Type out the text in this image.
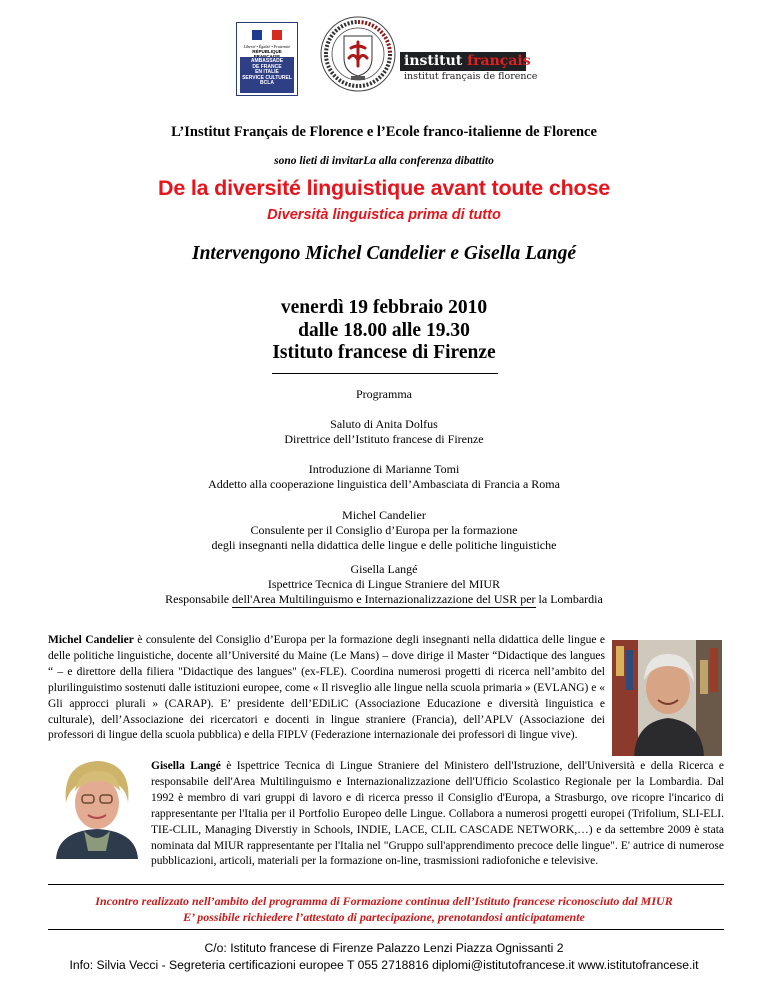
Liberté • Égalité • Fraternité
RÉPUBLIQUE
AMBASSADE
DE FRANCE
EN ITALIE
SERVICE CULTUREL
BCLA
institut français
institut français de florence
L’Institut Français de Florence e l’Ecole franco-italienne de Florence
sono lieti di invitarLa alla conferenza dibattito
De la diversité linguistique avant toute chose
Diversità linguistica prima di tutto
Intervengono Michel Candelier e Gisella Langé
venerdì 19 febbraio 2010
dalle 18.00 alle 19.30
Istituto francese di Firenze
Programma
Saluto di Anita Dolfus
Direttrice dell’Istituto francese di Firenze
Introduzione di Marianne Tomi
Addetto alla cooperazione linguistica dell’Ambasciata di Francia a Roma
Michel Candelier
Consulente per il Consiglio d’Europa per la formazione
degli insegnanti nella didattica delle lingue e delle politiche linguistiche
Gisella Langé
Ispettrice Tecnica di Lingue Straniere del MIUR
Responsabile dell'Area Multilinguismo e Internazionalizzazione del USR per la Lombardia
Michel Candelier è consulente del Consiglio d’Europa per la formazione degli insegnanti nella didattica delle lingue e delle politiche linguistiche, docente all’Université du Maine (Le Mans) – dove dirige il Master “Didactique des langues “ – e direttore della filiera "Didactique des langues" (ex-FLE). Coordina numerosi progetti di ricerca nell’ambito del plurilinguistimo sostenuti dalle istituzioni europee, come « Il risveglio alle lingue nella scuola primaria » (EVLANG) e « Gli approcci plurali » (CARAP). E’ presidente dell’EDiLiC (Associazione Educazione e diversità linguistica e culturale), dell’Associazione dei ricercatori e docenti in lingue straniere (Francia), dell’APLV (Associazione dei professori di lingue della scuola pubblica) e della FIPLV (Federazione internazionale dei professori di lingue vive).
Gisella Langé è Ispettrice Tecnica di Lingue Straniere del Ministero dell'Istruzione, dell'Università e della Ricerca e responsabile dell'Area Multilinguismo e Internazionalizzazione dell'Ufficio Scolastico Regionale per la Lombardia. Dal 1992 è membro di vari gruppi di lavoro e di ricerca presso il Consiglio d'Europa, a Strasburgo, ove ricopre l'incarico di rappresentante per l'Italia per il Portfolio Europeo delle Lingue. Collabora a numerosi progetti europei (Trifolium, SLI-ELI. TIE-CLIL, Managing Diverstiy in Schools, INDIE, LACE, CLIL CASCADE NETWORK,…) e da settembre 2009 è stata nominata dal MIUR rappresentante per l'Italia nel "Gruppo sull'apprendimento precoce delle lingue". E' autrice di numerose pubblicazioni, articoli, materiali per la formazione on-line, trasmissioni radiofoniche e televisive.
Incontro realizzato nell’ambito del programma di Formazione continua dell’Istituto francese riconosciuto dal MIUR
E’ possibile richiedere l’attestato di partecipazione, prenotandosi anticipatamente
C/o: Istituto francese di Firenze Palazzo Lenzi Piazza Ognissanti 2
Info: Silvia Vecci - Segreteria certificazioni europee T 055 2718816 diplomi@istitutofrancese.it www.istitutofrancese.it
